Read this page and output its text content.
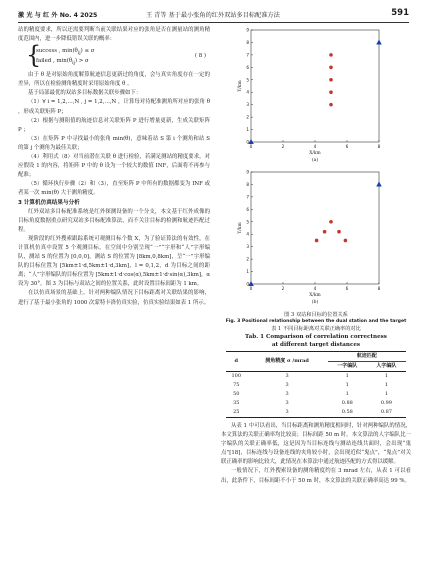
激 光 与 红 外 No. 4 2025	王 青等 基于最小张角的红外双站多目标配准方法	591

站的精度要求，所以还需要判断当前关联结果对应的张角是否在测量站的测角精度范围内，进一步降低错误关联的概率：

{
success , $\min(\theta_{ij}) \le \sigma$
failed , $\min(\theta_{ij}) > \sigma$
( 8 )

由于 θ 是对原始角度解算航迹信息更新过的角度，会与真实角度存在一定的差异，所以在检验测角精度时采用原始角度 θ 。

基于局部最优的双站多目标数据关联步骤如下：

（1）∀ i = 1,2,…,N , j = 1,2,…,N ，计算每对待配准测角所对应的张角 θ ，形成关联矩阵 P；

（2）根据与测阻值的航迹信息对关联矩阵 P 进行增量更新，生成关联矩阵 P ；

（3）在矩阵 P 中寻找最小的张角 min(θ)，意味着站 S 第 i 个测角和站 S 的第 j 个测角为最佳关联；

（4）利用式（8）对当前潜在关联 θ 进行检验，若满足测站的精度要求，对应假设 1 的内容，将矩阵 P 中的 θ 设为一个较大的数值 INF，后面将不再参与配准；

（5）循环执行步骤（2）和（3），直至矩阵 P 中所有的数据都变为 INF 或者某一次 min(θ) 大于测角精度。

3 计算机仿真结果与分析

红外双站多目标配准系统是红外探测设备的一个分支，本文基于红外成像的目标角度数据重点研究双站多目标配准算法，而不关注目标的检测和航迹匹配过程。

现阶段的红外搜索跟踪系统可观测目标个数 X，为了验证算法的有效性，在计算机仿真中设置 5 个观测目标，在空间中分别呈现“一”“字形和“人”字形编队，测站 S 的位置为 [0,0,0]，测站 S 的位置为 [8km,0,8km]，呈“一”字形编队的目标位置为 [5km±1·d,5km±1·d,3km]，l = 0,1,2，d 为目标之间的距离；“人”字形编队的目标位置为 [5km±1·d·cos(α),5km±1·d·sin(α),3km]，α 设为 30°。图 3 为目标与双站之间的位置关系，此时设置目标间距为 1 km。

在以仿真场景的基础上，针对两种编队情况下目标距离对关联结果的影响，进行了基于最小张角的 1000 次蒙特卡洛仿真实验，仿真实验结果如表 1 所示。

0	2	4	6	8
0
1
2
3
4
5
6
7
8
9
X/km
Y/km
(a)
0	2	4	6	8
0
1
2
3
4
5
6
7
8
9
X/km
Y/km
(b)

图 3 双站和目标的位置关系

Fig. 3 Positional relationship between the dual station and the target

表 1 不同目标距离对关联正确率的对比

Tab. 1 Comparison of correlation correctness

at different target distances

d	测角精度 σ /mrad	航迹匹配	
		一字编队	人字编队
100	3	1	1
75	3	1	1
50	3	1	1
35	3	0.88	0.99
25	3	0.58	0.87

从表 1 中可以看出，当目标距离和测角精度相同时，针对两种编队的情况，本文算法的关联正确率均比较高；目标间距 50 m 时，本文算法的人字编队比一字编队的关联正确率低，这是因为当目标连线与测站连线共面时，会出现“鬼点”[18]，目标连线与设备连线的夹角较小时，会出现近似“鬼点”，“鬼点”对关联正确率的影响比较大，此情况在本算法中通过航迹匹配的方式得以缓解。

一般情况下，红外搜索设备的测角精度约在 3 mrad 左右，从表 1 可以看出，此条件下，目标间距不小于 50 m 时，本文算法的关联正确率高达 99 %。
